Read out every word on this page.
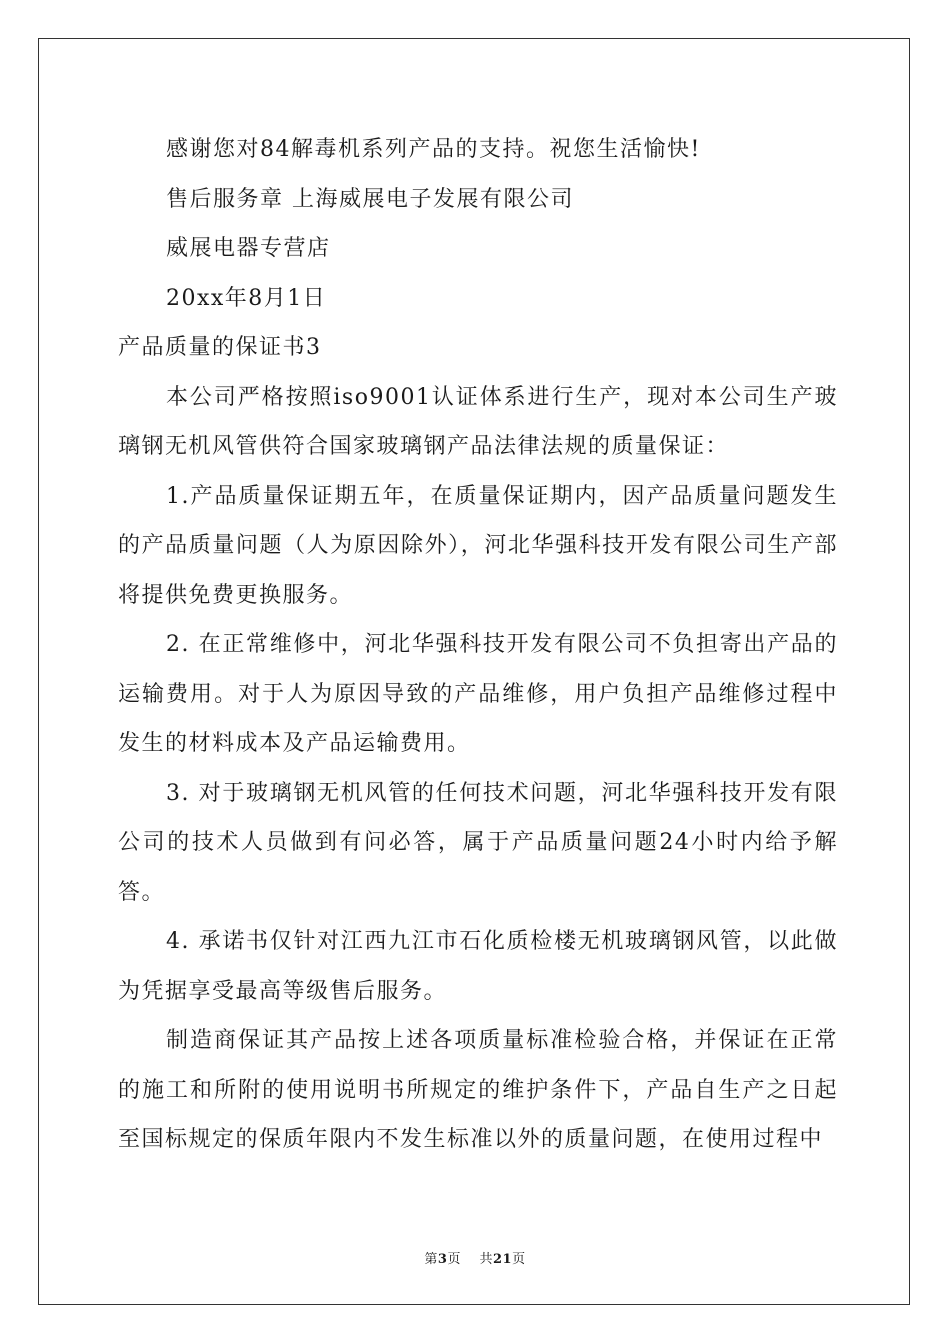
感谢您对84解毒机系列产品的支持。祝您生活愉快!

售后服务章 上海威展电子发展有限公司

威展电器专营店

20xx年8月1日

产品质量的保证书3

本公司严格按照iso9001认证体系进行生产，现对本公司生产玻璃钢无机风管供符合国家玻璃钢产品法律法规的质量保证：

1.产品质量保证期五年，在质量保证期内，因产品质量问题发生的产品质量问题（人为原因除外），河北华强科技开发有限公司生产部将提供免费更换服务。

2. 在正常维修中，河北华强科技开发有限公司不负担寄出产品的运输费用。对于人为原因导致的产品维修，用户负担产品维修过程中发生的材料成本及产品运输费用。

3. 对于玻璃钢无机风管的任何技术问题，河北华强科技开发有限公司的技术人员做到有问必答，属于产品质量问题24小时内给予解答。

4. 承诺书仅针对江西九江市石化质检楼无机玻璃钢风管，以此做为凭据享受最高等级售后服务。

制造商保证其产品按上述各项质量标准检验合格，并保证在正常的施工和所附的使用说明书所规定的维护条件下，产品自生产之日起至国标规定的保质年限内不发生标准以外的质量问题，在使用过程中

第3页 共21页
